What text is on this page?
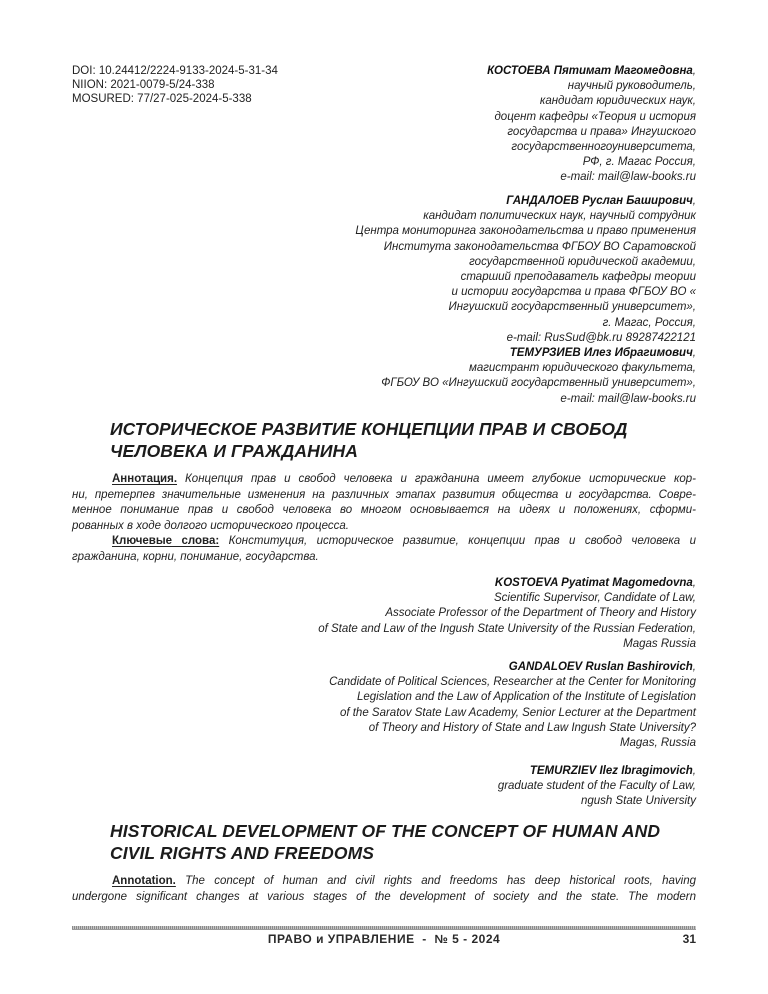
DOI: 10.24412/2224-9133-2024-5-31-34
NIION: 2021-0079-5/24-338
MOSURED: 77/27-025-2024-5-338
КОСТОЕВА Пятимат Магомедовна,
научный руководитель,
кандидат юридических наук,
доцент кафедры «Теория и история
государства и права» Ингушского
государственногоуниверситета,
РФ, г. Магас Россия,
e-mail: mail@law-books.ru
ГАНДАЛОЕВ Руслан Баширович,
кандидат политических наук, научный сотрудник
Центра мониторинга законодательства и право применения
Института законодательства ФГБОУ ВО Саратовской
государственной юридической академии,
старший преподаватель кафедры теории
и истории государства и права ФГБОУ ВО «
Ингушский государственный университет»,
г. Магас, Россия,
e-mail: RusSud@bk.ru 89287422121
ТЕМУРЗИЕВ Илез Ибрагимович,
магистрант юридического факультета,
ФГБОУ ВО «Ингушский государственный университет»,
e-mail: mail@law-books.ru
ИСТОРИЧЕСКОЕ РАЗВИТИЕ КОНЦЕПЦИИ ПРАВ И СВОБОД
ЧЕЛОВЕКА И ГРАЖДАНИНА
Аннотация. Концепция прав и свобод человека и гражданина имеет глубокие исторические кор-
ни, претерпев значительные изменения на различных этапах развития общества и государства. Совре-
менное понимание прав и свобод человека во многом основывается на идеях и положениях, сформи-
рованных в ходе долгого исторического процесса.
Ключевые слова: Конституция, историческое развитие, концепции прав и свобод человека и
гражданина, корни, понимание, государства.
KOSTOEVA Pyatimat Magomedovna,
Scientific Supervisor, Candidate of Law,
Associate Professor of the Department of Theory and History
of State and Law of the Ingush State University of the Russian Federation,
Magas Russia
GANDALOEV Ruslan Bashirovich,
Candidate of Political Sciences, Researcher at the Center for Monitoring
Legislation and the Law of Application of the Institute of Legislation
of the Saratov State Law Academy, Senior Lecturer at the Department
of Theory and History of State and Law Ingush State University?
Magas, Russia
TEMURZIEV Ilez Ibragimovich,
graduate student of the Faculty of Law,
ngush State University
HISTORICAL DEVELOPMENT OF THE CONCEPT OF HUMAN AND
CIVIL RIGHTS AND FREEDOMS
Annotation. The concept of human and civil rights and freedoms has deep historical roots, having
undergone significant changes at various stages of the development of society and the state. The modern
ПРАВО и УПРАВЛЕНИЕ  -  № 5 - 2024	31
